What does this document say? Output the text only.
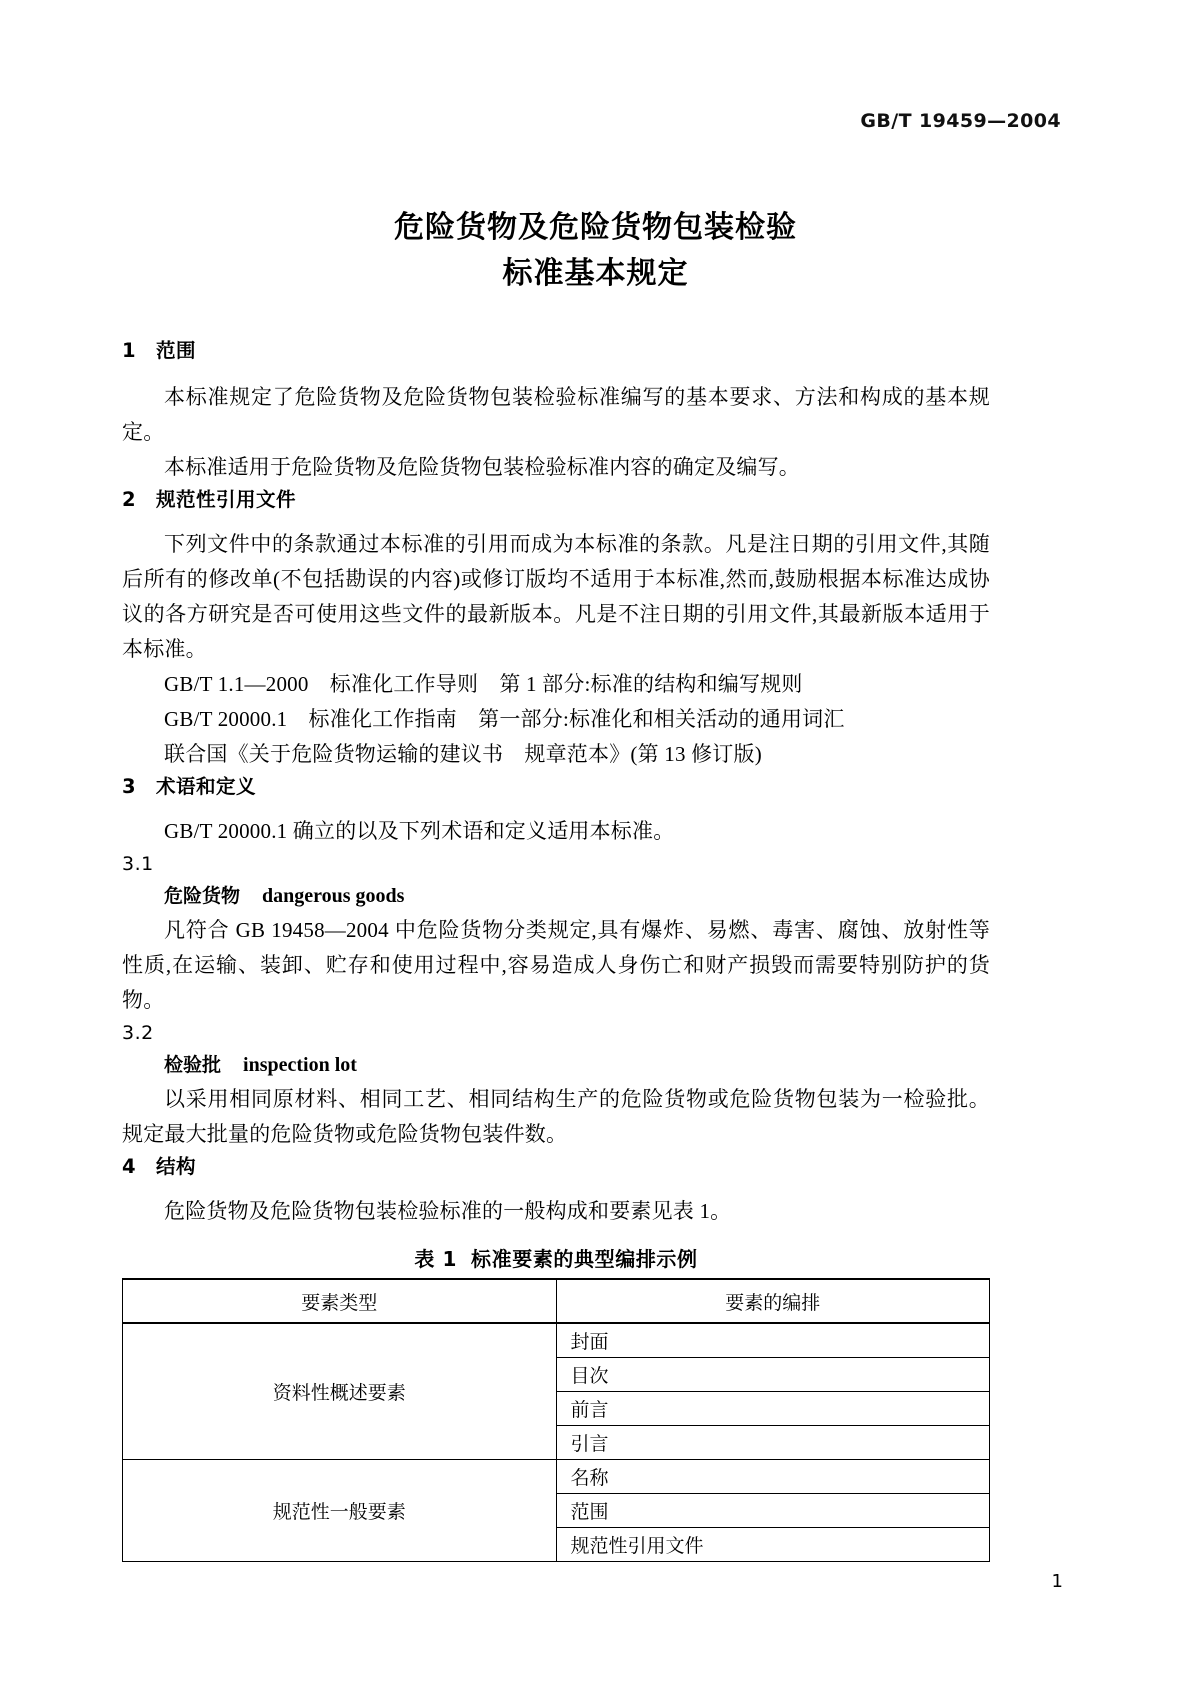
GB/T 19459—2004
危险货物及危险货物包装检验
标准基本规定
1 范围

本标准规定了危险货物及危险货物包装检验标准编写的基本要求、方法和构成的基本规定。

本标准适用于危险货物及危险货物包装检验标准内容的确定及编写。

2 规范性引用文件

下列文件中的条款通过本标准的引用而成为本标准的条款。凡是注日期的引用文件,其随后所有的修改单(不包括勘误的内容)或修订版均不适用于本标准,然而,鼓励根据本标准达成协议的各方研究是否可使用这些文件的最新版本。凡是不注日期的引用文件,其最新版本适用于本标准。

GB/T 1.1—2000　标准化工作导则　第 1 部分:标准的结构和编写规则

GB/T 20000.1　标准化工作指南　第一部分:标准化和相关活动的通用词汇

联合国《关于危险货物运输的建议书　规章范本》(第 13 修订版)

3 术语和定义

GB/T 20000.1 确立的以及下列术语和定义适用本标准。

3.1

危险货物 dangerous goods

凡符合 GB 19458—2004 中危险货物分类规定,具有爆炸、易燃、毒害、腐蚀、放射性等性质,在运输、装卸、贮存和使用过程中,容易造成人身伤亡和财产损毁而需要特别防护的货物。

3.2

检验批 inspection lot

以采用相同原材料、相同工艺、相同结构生产的危险货物或危险货物包装为一检验批。规定最大批量的危险货物或危险货物包装件数。

4 结构

危险货物及危险货物包装检验标准的一般构成和要素见表 1。

表 1 标准要素的典型编排示例
要素类型	要素的编排
资料性概述要素	封面
	目次
	前言
	引言
规范性一般要素	名称
	范围
	规范性引用文件
1
